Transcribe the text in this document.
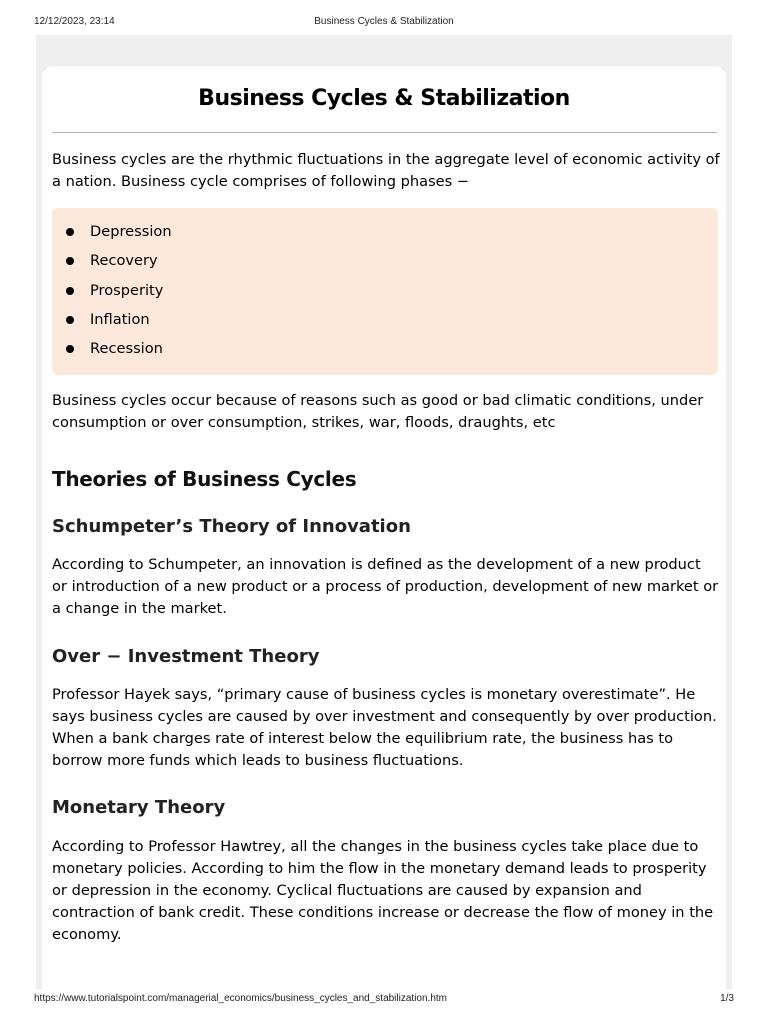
12/12/2023, 23:14	Business Cycles & Stabilization
Business Cycles & Stabilization

Business cycles are the rhythmic fluctuations in the aggregate level of economic activity of a nation. Business cycle comprises of following phases −

Depression
Recovery
Prosperity
Inflation
Recession

Business cycles occur because of reasons such as good or bad climatic conditions, under consumption or over consumption, strikes, war, floods, draughts, etc

Theories of Business Cycles
Schumpeter’s Theory of Innovation

According to Schumpeter, an innovation is defined as the development of a new product or introduction of a new product or a process of production, development of new market or a change in the market.

Over − Investment Theory

Professor Hayek says, “primary cause of business cycles is monetary overestimate”. He says business cycles are caused by over investment and consequently by over production. When a bank charges rate of interest below the equilibrium rate, the business has to borrow more funds which leads to business fluctuations.

Monetary Theory

According to Professor Hawtrey, all the changes in the business cycles take place due to monetary policies. According to him the flow in the monetary demand leads to prosperity or depression in the economy. Cyclical fluctuations are caused by expansion and contraction of bank credit. These conditions increase or decrease the flow of money in the economy.

https://www.tutorialspoint.com/managerial_economics/business_cycles_and_stabilization.htm	1/3
